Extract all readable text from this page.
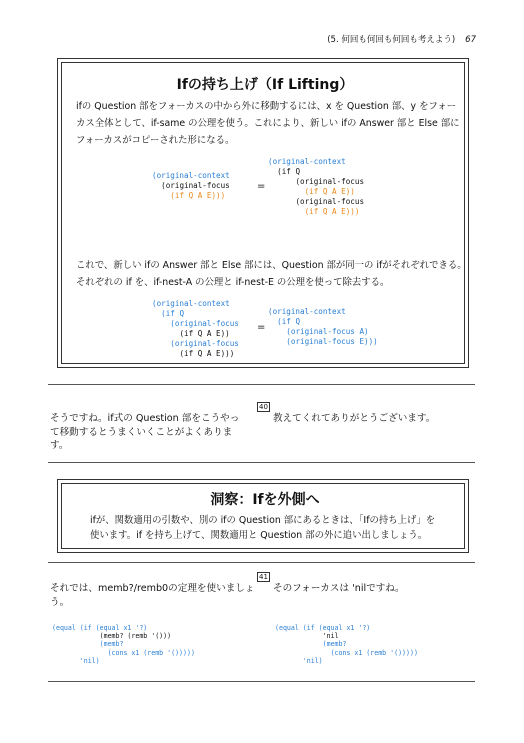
(5. 何回も何回も何回も考えよう) 67
Ifの持ち上げ（If Lifting）
ifの Question 部をフォーカスの中から外に移動するには、x を Question 部、y をフォー
カス全体として、if-same の公理を使う。これにより、新しい ifの Answer 部と Else 部に
フォーカスがコピーされた形になる。
(original-context
(original-focus
(if Q A E)))
=
(original-context
(if Q
(original-focus
(if Q A E))
(original-focus
(if Q A E)))
これで、新しい ifの Answer 部と Else 部には、Question 部が同一の ifがそれぞれできる。
それぞれの if を、if-nest-A の公理と if-nest-E の公理を使って除去する。
(original-context
(if Q
(original-focus
(if Q A E))
(original-focus
(if Q A E)))
=
(original-context
(if Q
(original-focus A)
(original-focus E)))
40
そうですね。if式の Question 部をこうやっ
て移動するとうまくいくことがよくありま
す。
教えてくれてありがとうございます。
洞察：Ifを外側へ
ifが、関数適用の引数や、別の ifの Question 部にあるときは、「Ifの持ち上げ」を
使います。if を持ち上げて、関数適用と Question 部の外に追い出しましょう。
41
それでは、memb?/remb0の定理を使いましょ
う。
そのフォーカスは 'nilですね。
(equal (if (equal x1 '?)
(memb? (remb '()))
(memb?
(cons x1 (remb '()))))
'nil)
(equal (if (equal x1 '?)
'nil
(memb?
(cons x1 (remb '()))))
'nil)
